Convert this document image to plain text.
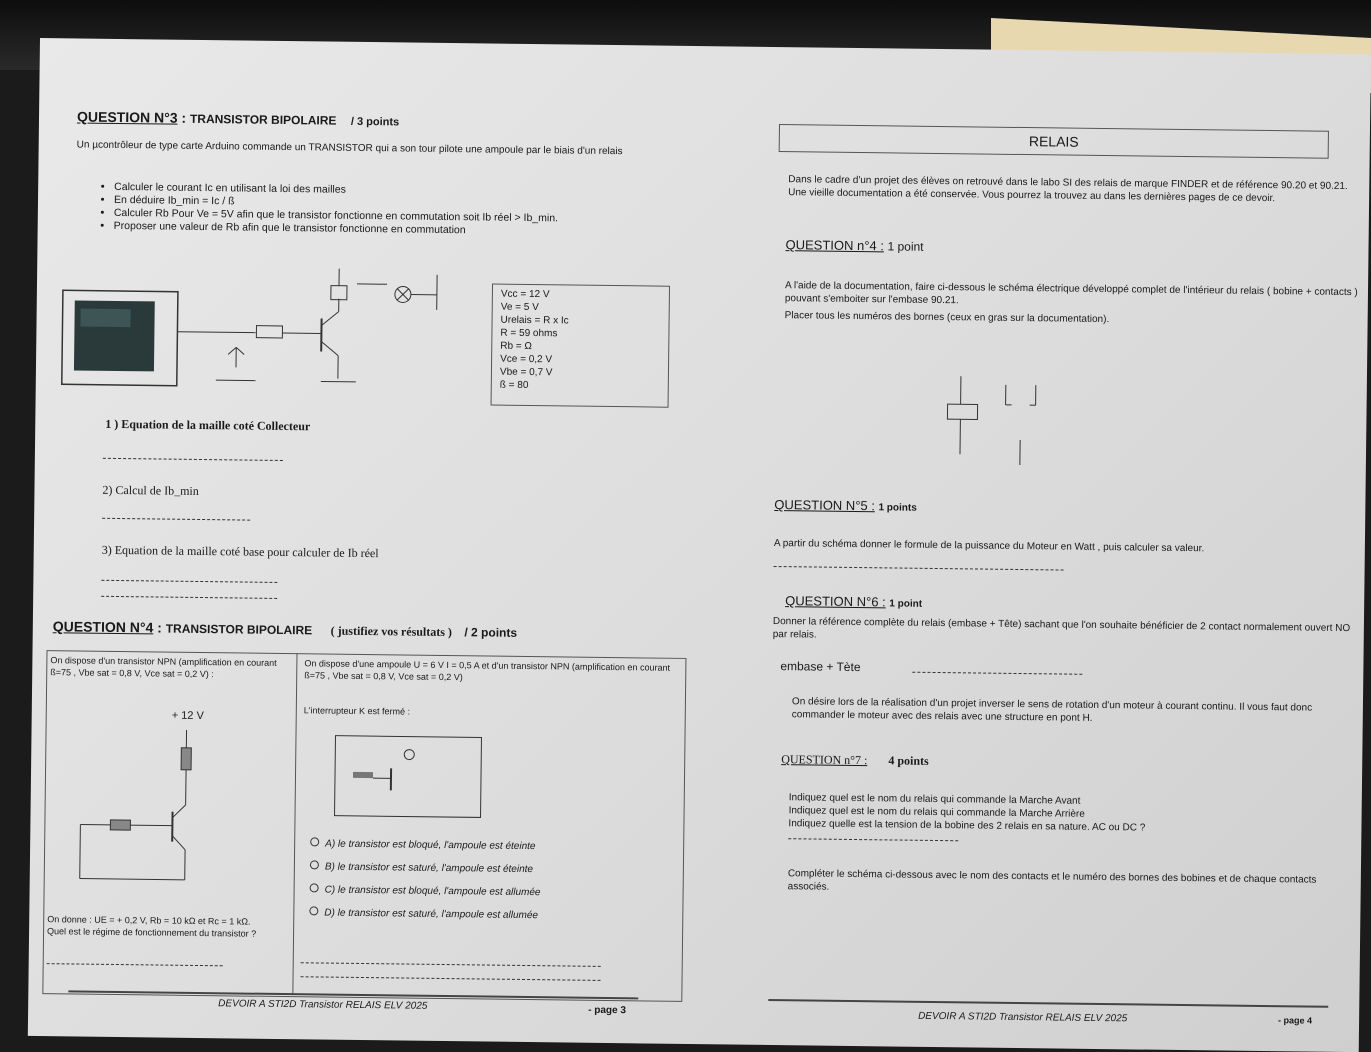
QUESTION N°3 : TRANSISTOR BIPOLAIRE / 3 points
Un µcontrôleur de type carte Arduino commande un TRANSISTOR qui a son tour pilote une ampoule par le biais d'un relais
• Calculer le courant Ic en utilisant la loi des mailles
• En déduire Ib_min = Ic / ß
• Calculer Rb Pour Ve = 5V afin que le transistor fonctionne en commutation soit Ib réel > Ib_min.
• Proposer une valeur de Rb afin que le transistor fonctionne en commutation
Vcc = 12 V
Ve = 5 V
Urelais = R x Ic
R = 59 ohms
Rb = Ω
Vce = 0,2 V
Vbe = 0,7 V
ß = 80
1 ) Equation de la maille coté Collecteur
2) Calcul de Ib_min
3) Equation de la maille coté base pour calculer de Ib réel
QUESTION N°4 : TRANSISTOR BIPOLAIRE ( justifiez vos résultats ) / 2 points
On dispose d'un transistor NPN (amplification en courant ß=75 , Vbe sat = 0,8 V, Vce sat = 0,2 V) :
+ 12 V
On donne : UE = + 0,2 V, Rb = 10 kΩ et Rc = 1 kΩ.
Quel est le régime de fonctionnement du transistor ?
On dispose d'une ampoule U = 6 V I = 0,5 A et d'un transistor NPN (amplification en courant ß=75 , Vbe sat = 0,8 V, Vce sat = 0,2 V)
L'interrupteur K est fermé :
A) le transistor est bloqué, l'ampoule est éteinte
B) le transistor est saturé, l'ampoule est éteinte
C) le transistor est bloqué, l'ampoule est allumée
D) le transistor est saturé, l'ampoule est allumée
DEVOIR A STI2D Transistor RELAIS ELV 2025	- page 3
RELAIS
Dans le cadre d'un projet des élèves on retrouvé dans le labo SI des relais de marque FINDER et de référence 90.20 et 90.21. Une vieille documentation a été conservée. Vous pourrez la trouvez au dans les dernières pages de ce devoir.
QUESTION n°4 : 1 point
A l'aide de la documentation, faire ci-dessous le schéma électrique développé complet de l'intérieur du relais ( bobine + contacts ) pouvant s'emboiter sur l'embase 90.21.
Placer tous les numéros des bornes (ceux en gras sur la documentation).
QUESTION N°5 : 1 points
A partir du schéma donner le formule de la puissance du Moteur en Watt , puis calculer sa valeur.
QUESTION N°6 : 1 point
Donner la référence complète du relais (embase + Tête) sachant que l'on souhaite bénéficier de 2 contact normalement ouvert NO par relais.
embase + Tète
On désire lors de la réalisation d'un projet inverser le sens de rotation d'un moteur à courant continu. Il vous faut donc commander le moteur avec des relais avec une structure en pont H.
QUESTION n°7 : 4 points
Indiquez quel est le nom du relais qui commande la Marche Avant
Indiquez quel est le nom du relais qui commande la Marche Arrière
Indiquez quelle est la tension de la bobine des 2 relais en sa nature. AC ou DC ?
Compléter le schéma ci-dessous avec le nom des contacts et le numéro des bornes des bobines et de chaque contacts associés.
DEVOIR A STI2D Transistor RELAIS ELV 2025	- page 4
